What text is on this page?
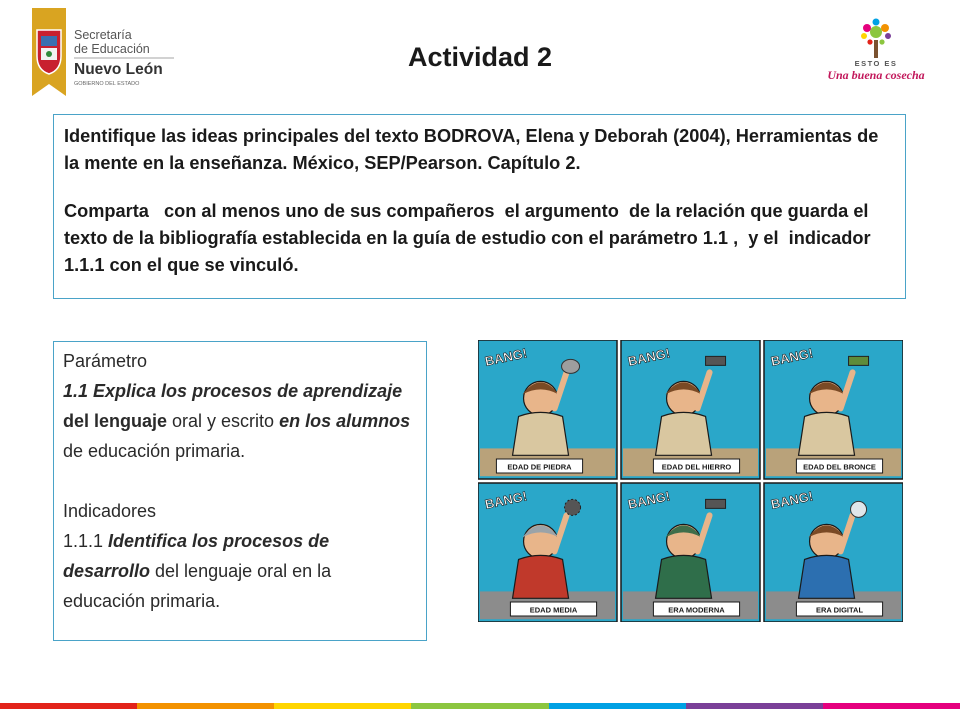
Secretaría
de Educación
Nuevo León
GOBIERNO DEL ESTADO
Actividad 2	ESTO ES
Una buena cosecha

Identifique las ideas principales del texto BODROVA, Elena y Deborah (2004), Herramientas de la mente en la enseñanza. México, SEP/Pearson. Capítulo 2.

Comparta   con al menos uno de sus compañeros  el argumento  de la relación que guarda el texto de la bibliografía establecida en la guía de estudio con el parámetro 1.1 ,  y el  indicador 1.1.1 con el que se vinculó.

Parámetro

1.1 Explica los procesos de aprendizaje del lenguaje oral y escrito en los alumnos de educación primaria.

Indicadores

1.1.1 Identifica los procesos de desarrollo del lenguaje oral en la educación primaria.

BANG!
EDAD DE PIEDRA
BANG!
EDAD DEL HIERRO
BANG!
EDAD DEL BRONCE
BANG!
EDAD MEDIA
BANG!
ERA MODERNA
BANG!
ERA DIGITAL
